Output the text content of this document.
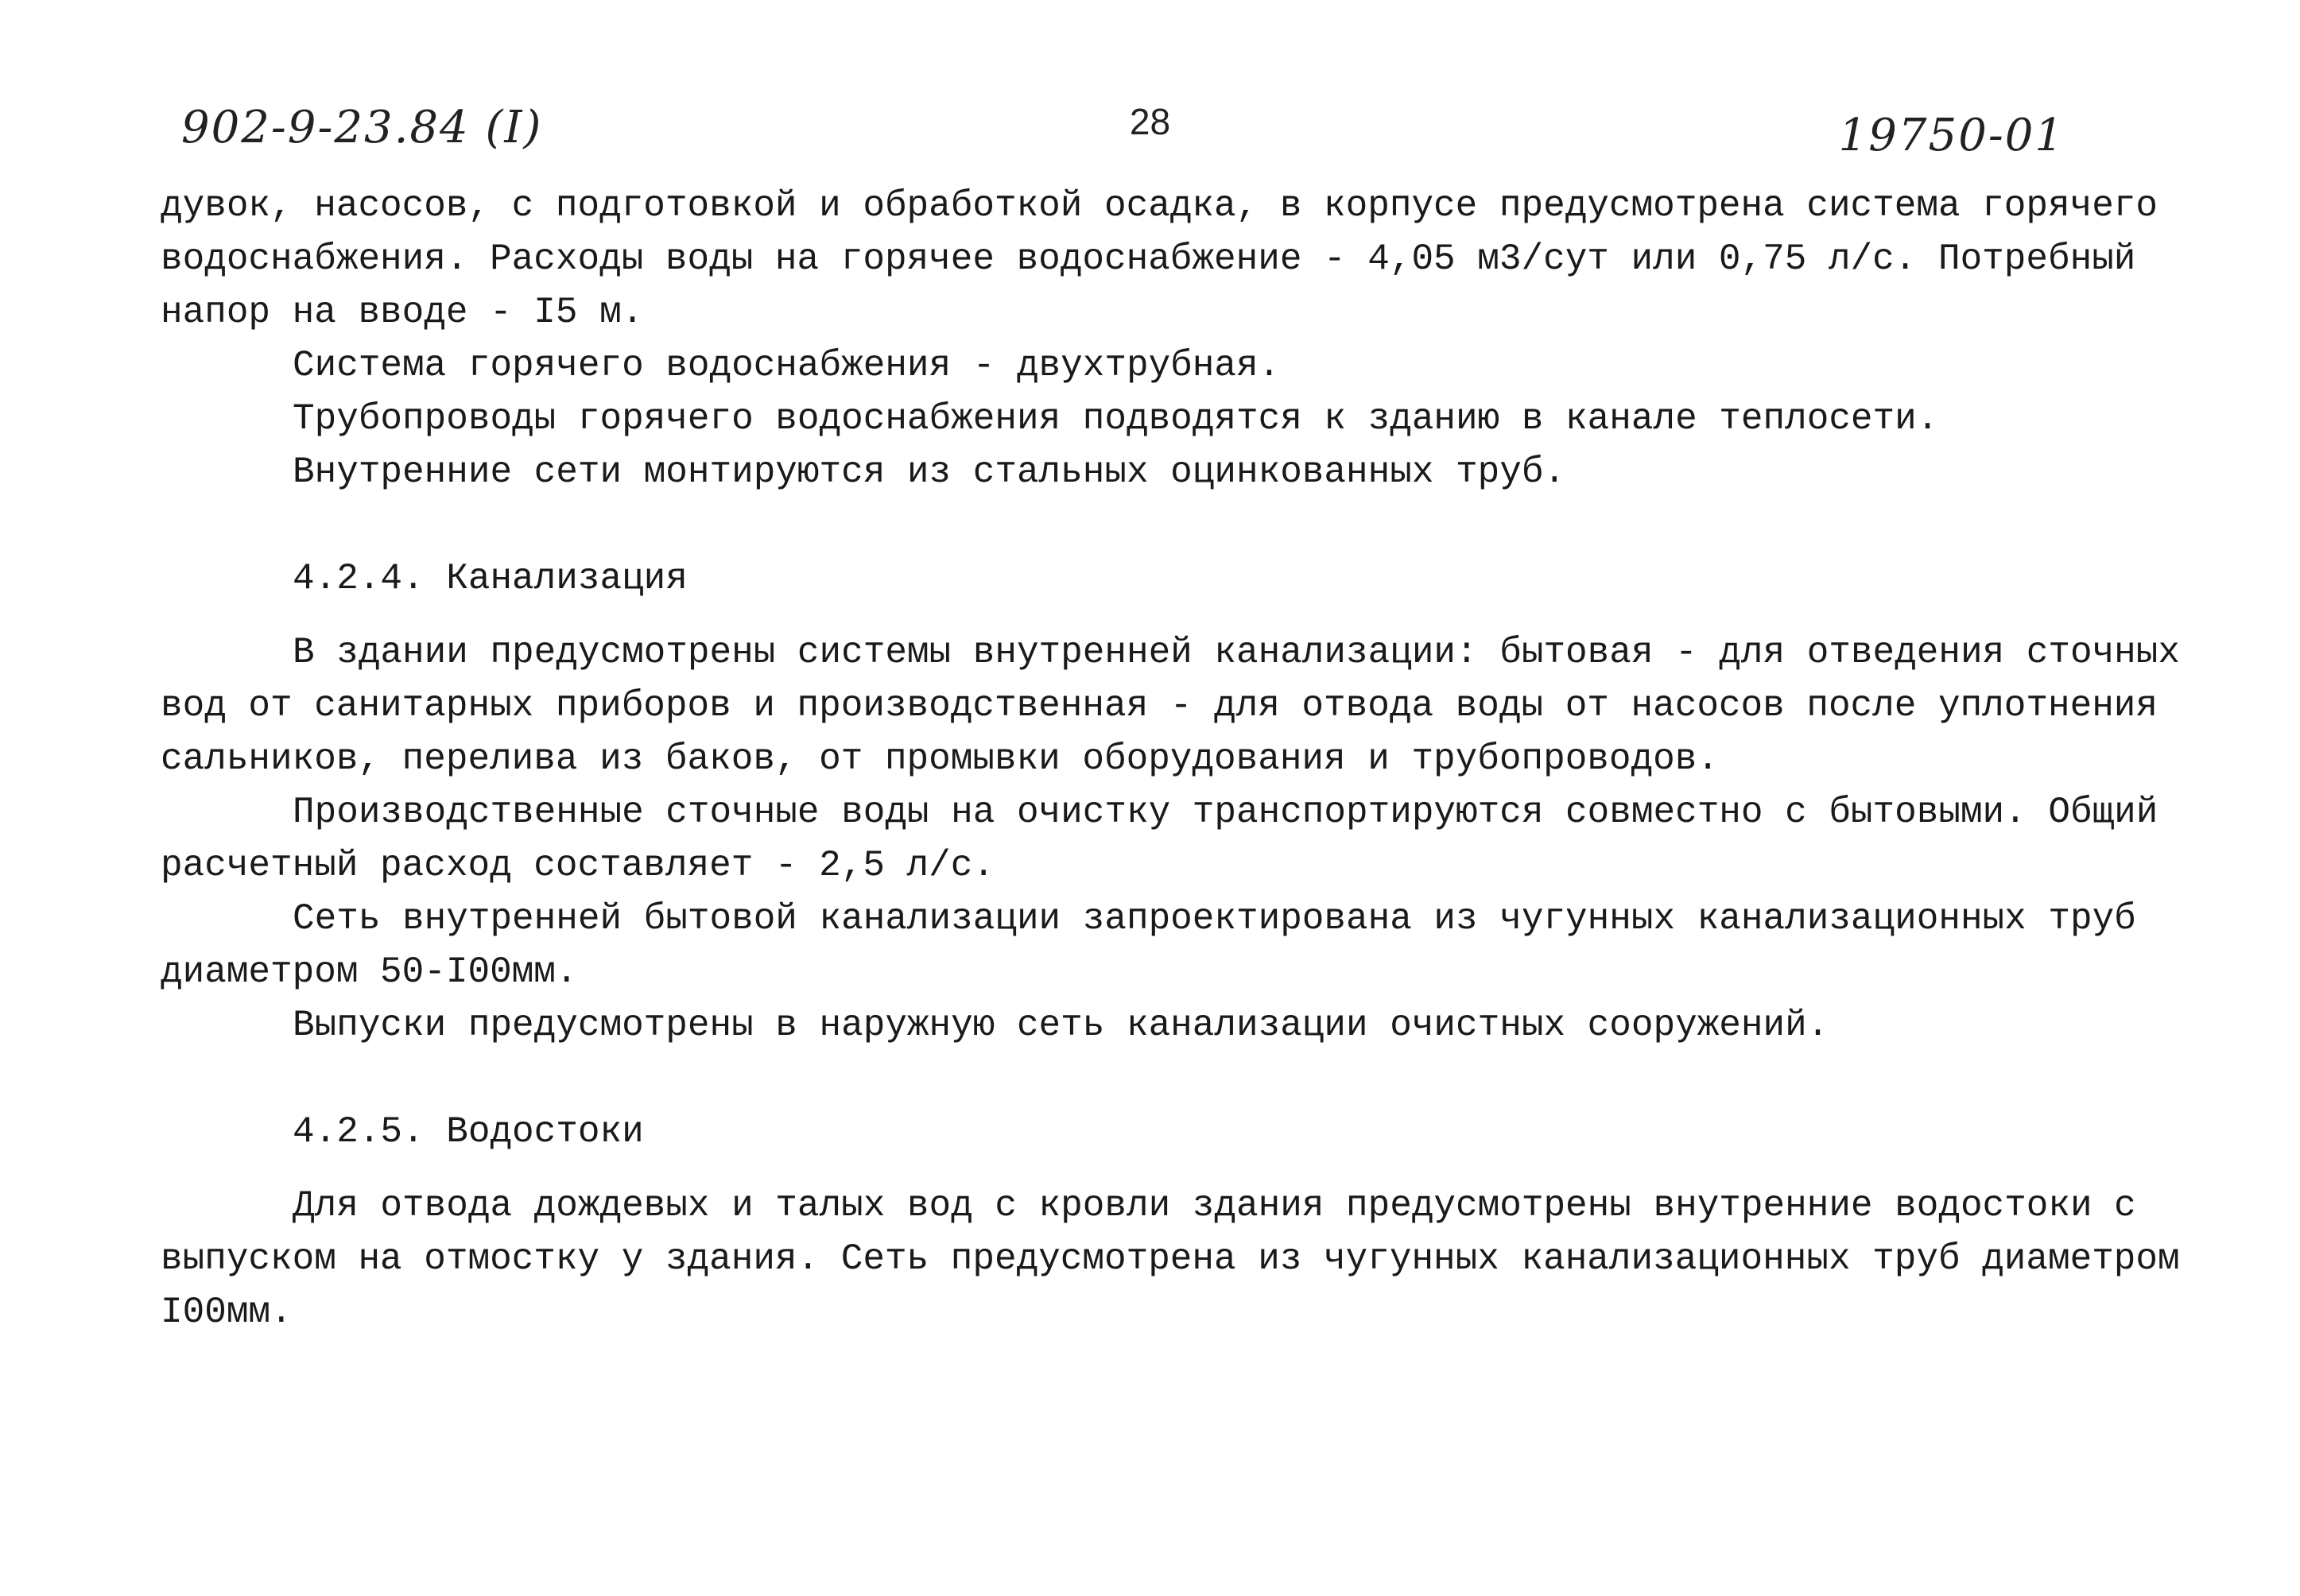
902-9-23.84 (I)	28	19750-01
дувок, насосов, с подготовкой и обработкой осадка, в корпусе предусмотрена система горячего
водоснабжения. Расходы воды на горячее водоснабжение - 4,05 м3/сут или 0,75 л/с. Потребный
напор на вводе - I5 м.
Система горячего водоснабжения - двухтрубная.
Трубопроводы горячего водоснабжения подводятся к зданию в канале теплосети.
Внутренние сети монтируются из стальных оцинкованных труб.
4.2.4. Канализация
В здании предусмотрены системы внутренней канализации: бытовая - для отведения сточных
вод от санитарных приборов и производственная - для отвода воды от насосов после уплотнения
сальников, перелива из баков, от промывки оборудования и трубопроводов.
Производственные сточные воды на очистку транспортируются совместно с бытовыми. Общий
расчетный расход составляет - 2,5 л/с.
Сеть внутренней бытовой канализации запроектирована из чугунных канализационных труб
диаметром 50-I00мм.
Выпуски предусмотрены в наружную сеть канализации очистных сооружений.
4.2.5. Водостоки
Для отвода дождевых и талых вод с кровли здания предусмотрены внутренние водостоки с
выпуском на отмостку у здания. Сеть предусмотрена из чугунных канализационных труб диаметром
I00мм.
